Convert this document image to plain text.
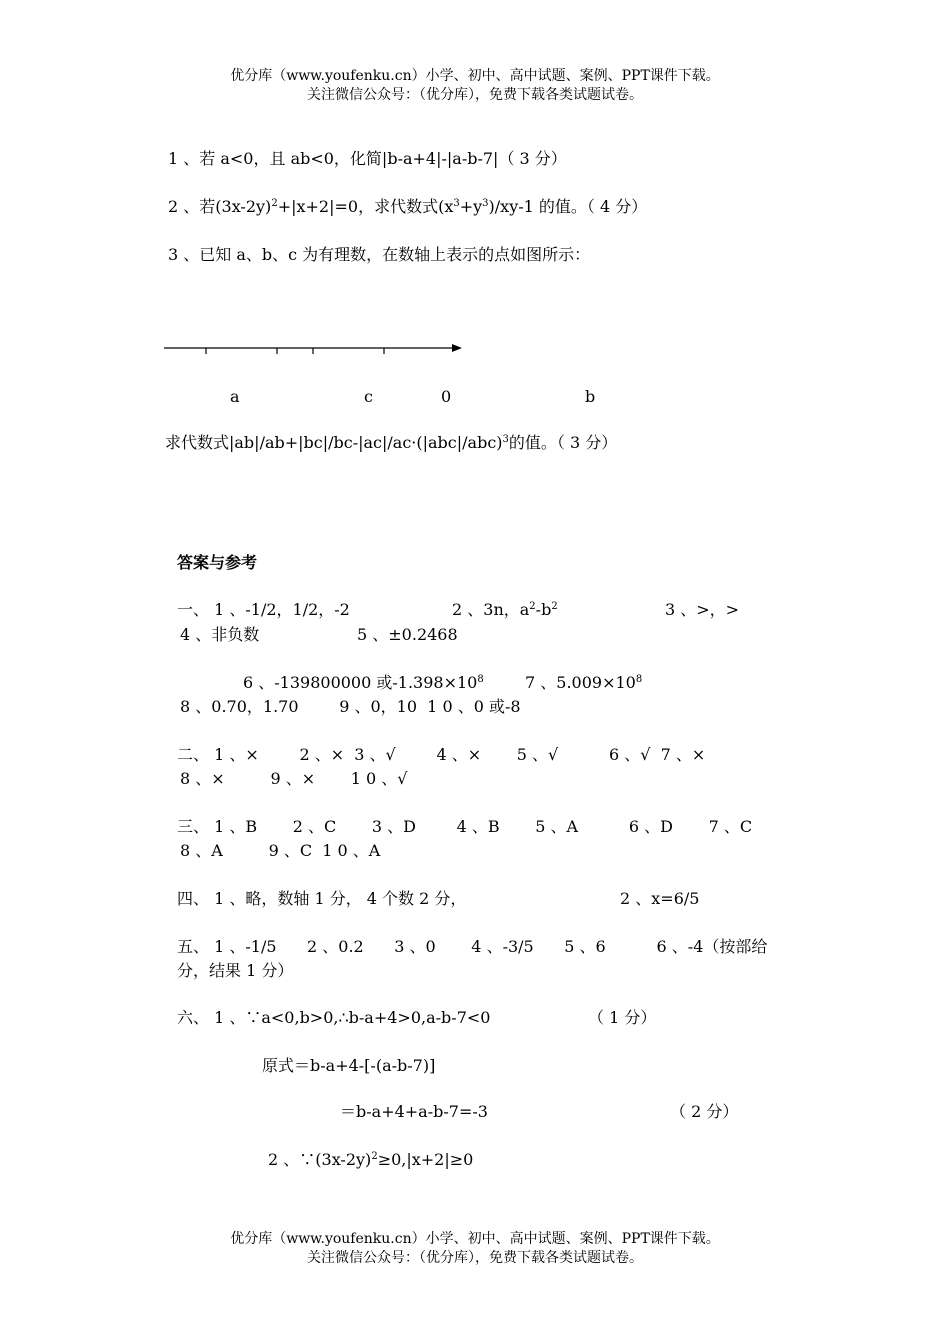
优分库（www.youfenku.cn）小学、初中、高中试题、案例、PPT课件下载。
关注微信公众号：（优分库），免费下载各类试题试卷。
1 、若 a<0，且 ab<0，化简|b-a+4|-|a-b-7|（ 3 分）
2 、若$(3x-2y)^2+|x+2|=0$，求代数式$(x^3+y^3)/xy-1$ 的值。（ 4 分）
3 、已知 a、b、c 为有理数，在数轴上表示的点如图所示：
a	c	0	b
求代数式$|ab|/ab+|bc|/bc-|ac|/ac\cdot(|abc|/abc)^3$的值。（ 3 分）
答案与参考
一、 1 、-1/2，1/2，-2	2 、3n，$a^2-b^2$	3 、>，>
4 、非负数	5 、±0.2468
6 、-139800000 或$-1.398\times 10^8$	7 、$5.009\times 10^8$
8 、0.70，1.70        9 、0，10  1 0 、0 或-8
二、 1 、×        2 、×  3 、√        4 、×       5 、√          6 、√  7 、×
8 、×         9 、×       1 0 、√
三、 1 、B       2 、C       3 、D        4 、B       5 、A          6 、D       7 、C
8 、A         9 、C  1 0 、A
四、 1 、略，数轴 1 分， 4 个数 2 分，	2 、x=6/5
五、 1 、-1/5      2 、0.2      3 、0       4 、-3/5      5 、6          6 、-4（按部给
分，结果 1 分）
六、 1 、∵a<0,b>0,∴b-a+4>0,a-b-7<0	（ 1 分）
原式＝b-a+4-[-(a-b-7)]
＝b-a+4+a-b-7=-3	（ 2 分）
2 、$\because(3x-2y)^2\ge 0,|x+2|\ge 0$
优分库（www.youfenku.cn）小学、初中、高中试题、案例、PPT课件下载。
关注微信公众号：（优分库），免费下载各类试题试卷。
